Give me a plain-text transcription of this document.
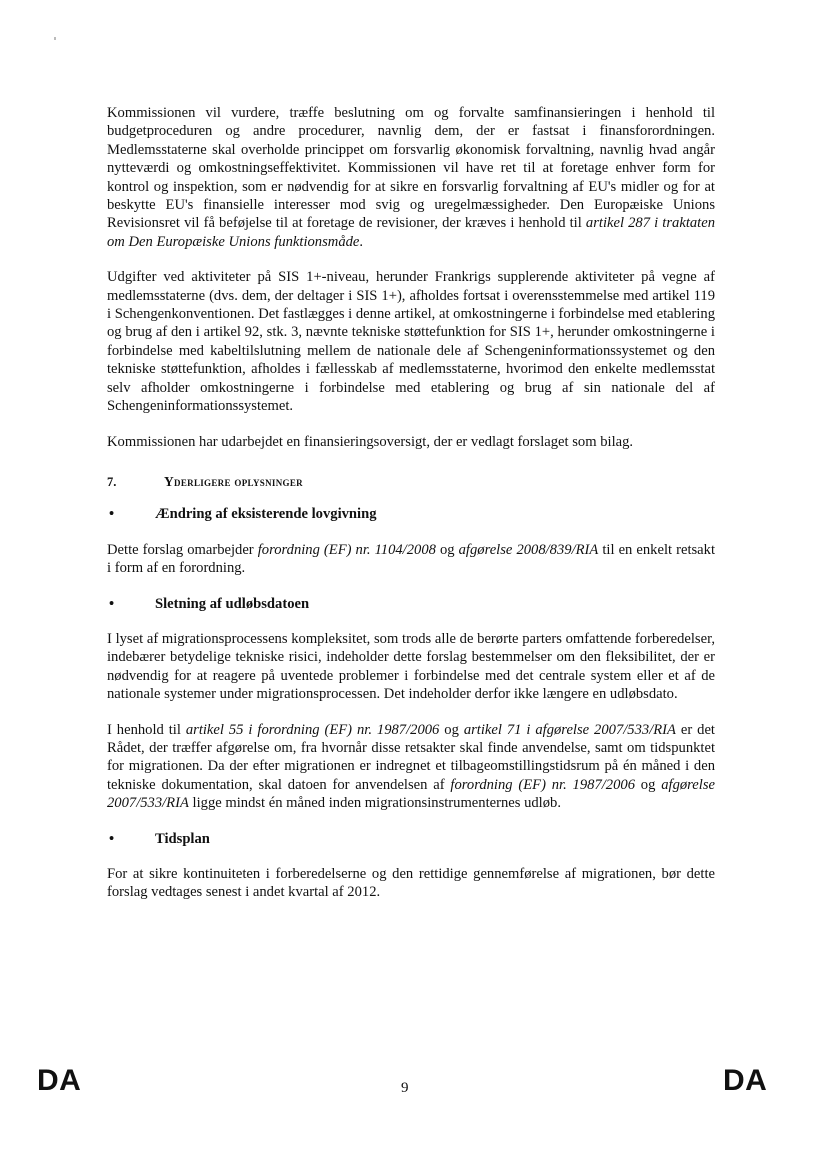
Kommissionen vil vurdere, træffe beslutning om og forvalte samfinansieringen i henhold til budgetproceduren og andre procedurer, navnlig dem, der er fastsat i finansforordningen. Medlemsstaterne skal overholde princippet om forsvarlig økonomisk forvaltning, navnlig hvad angår nytteværdi og omkostningseffektivitet. Kommissionen vil have ret til at foretage enhver form for kontrol og inspektion, som er nødvendig for at sikre en forsvarlig forvaltning af EU's midler og for at beskytte EU's finansielle interesser mod svig og uregelmæssigheder. Den Europæiske Unions Revisionsret vil få beføjelse til at foretage de revisioner, der kræves i henhold til artikel 287 i traktaten om Den Europæiske Unions funktionsmåde.

Udgifter ved aktiviteter på SIS 1+-niveau, herunder Frankrigs supplerende aktiviteter på vegne af medlemsstaterne (dvs. dem, der deltager i SIS 1+), afholdes fortsat i overensstemmelse med artikel 119 i Schengenkonventionen. Det fastlægges i denne artikel, at omkostningerne i forbindelse med etablering og brug af den i artikel 92, stk. 3, nævnte tekniske støttefunktion for SIS 1+, herunder omkostningerne i forbindelse med kabeltilslutning mellem de nationale dele af Schengeninformationssystemet og den tekniske støttefunktion, afholdes i fællesskab af medlemsstaterne, hvorimod den enkelte medlemsstat selv afholder omkostningerne i forbindelse med etablering og brug af sin nationale del af Schengeninformationssystemet.

Kommissionen har udarbejdet en finansieringsoversigt, der er vedlagt forslaget som bilag.

7.	Yderligere oplysninger
•	Ændring af eksisterende lovgivning

Dette forslag omarbejder forordning (EF) nr. 1104/2008 og afgørelse 2008/839/RIA til en enkelt retsakt i form af en forordning.

•	Sletning af udløbsdatoen

I lyset af migrationsprocessens kompleksitet, som trods alle de berørte parters omfattende forberedelser, indebærer betydelige tekniske risici, indeholder dette forslag bestemmelser om den fleksibilitet, der er nødvendig for at reagere på uventede problemer i forbindelse med det centrale system eller et af de nationale systemer under migrationsprocessen. Det indeholder derfor ikke længere en udløbsdato.

I henhold til artikel 55 i forordning (EF) nr. 1987/2006 og artikel 71 i afgørelse 2007/533/RIA er det Rådet, der træffer afgørelse om, fra hvornår disse retsakter skal finde anvendelse, samt om tidspunktet for migrationen. Da der efter migrationen er indregnet et tilbageomstillingstidsrum på én måned i den tekniske dokumentation, skal datoen for anvendelsen af forordning (EF) nr. 1987/2006 og afgørelse 2007/533/RIA ligge mindst én måned inden migrationsinstrumenternes udløb.

•	Tidsplan

For at sikre kontinuiteten i forberedelserne og den rettidige gennemførelse af migrationen, bør dette forslag vedtages senest i andet kvartal af 2012.

DA	9	DA
